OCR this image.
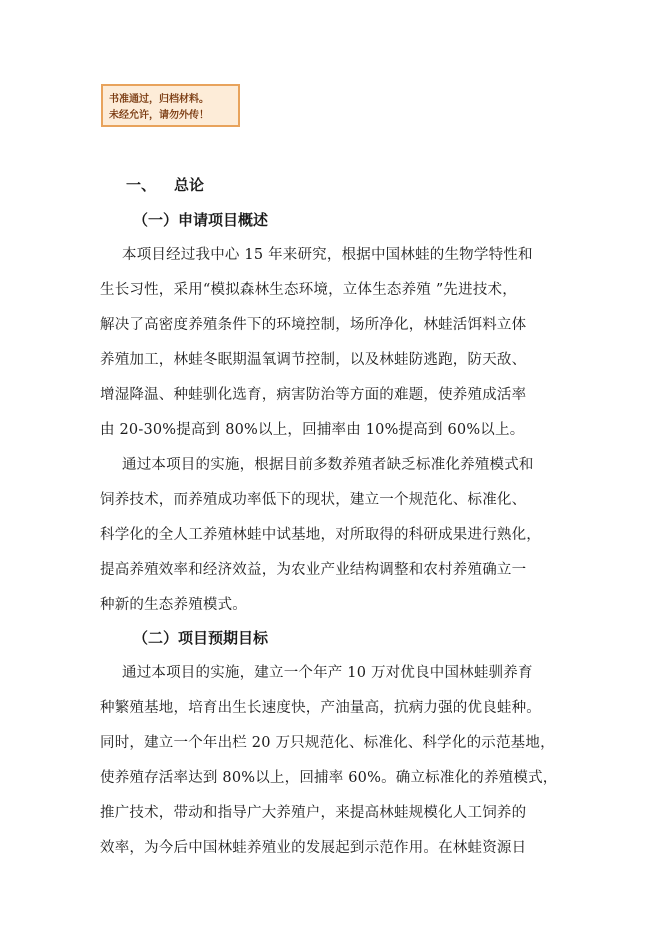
书准通过，归档材料。
未经允许，请勿外传！
一、 总论
（一）申请项目概述
本项目经过我中心 15 年来研究，根据中国林蛙的生物学特性和
生长习性，采用“模拟森林生态环境，立体生态养殖 ”先进技术，
解决了高密度养殖条件下的环境控制，场所净化，林蛙活饵料立体
养殖加工，林蛙冬眠期温氧调节控制，以及林蛙防逃跑，防天敌、
增湿降温、种蛙驯化选育，病害防治等方面的难题，使养殖成活率
由 20-30%提高到 80%以上，回捕率由 10%提高到 60%以上。
通过本项目的实施，根据目前多数养殖者缺乏标准化养殖模式和
饲养技术，而养殖成功率低下的现状，建立一个规范化、标准化、
科学化的全人工养殖林蛙中试基地，对所取得的科研成果进行熟化，
提高养殖效率和经济效益，为农业产业结构调整和农村养殖确立一
种新的生态养殖模式。
（二）项目预期目标
通过本项目的实施，建立一个年产 10 万对优良中国林蛙驯养育
种繁殖基地，培育出生长速度快，产油量高，抗病力强的优良蛙种。
同时，建立一个年出栏 20 万只规范化、标准化、科学化的示范基地，
使养殖存活率达到 80%以上，回捕率 60%。确立标准化的养殖模式，
推广技术，带动和指导广大养殖户，来提高林蛙规模化人工饲养的
效率，为今后中国林蛙养殖业的发展起到示范作用。在林蛙资源日
